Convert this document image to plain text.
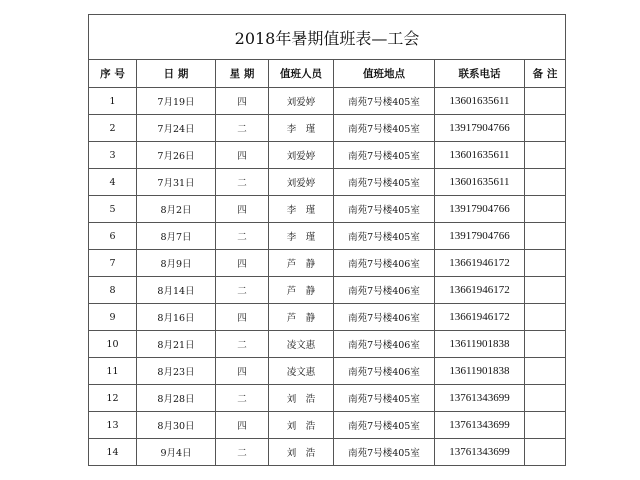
2018年暑期值班表—工会						
序 号	日 期	星 期	值班人员	值班地点	联系电话	备 注
1	7月19日	四	刘爱婷	南苑7号楼405室	13601635611	
2	7月24日	二	李　瑾	南苑7号楼405室	13917904766	
3	7月26日	四	刘爱婷	南苑7号楼405室	13601635611	
4	7月31日	二	刘爱婷	南苑7号楼405室	13601635611	
5	8月2日	四	李　瑾	南苑7号楼405室	13917904766	
6	8月7日	二	李　瑾	南苑7号楼405室	13917904766	
7	8月9日	四	芦　静	南苑7号楼406室	13661946172	
8	8月14日	二	芦　静	南苑7号楼406室	13661946172	
9	8月16日	四	芦　静	南苑7号楼406室	13661946172	
10	8月21日	二	凌文惠	南苑7号楼406室	13611901838	
11	8月23日	四	凌文惠	南苑7号楼406室	13611901838	
12	8月28日	二	刘　浩	南苑7号楼405室	13761343699	
13	8月30日	四	刘　浩	南苑7号楼405室	13761343699	
14	9月4日	二	刘　浩	南苑7号楼405室	13761343699	
